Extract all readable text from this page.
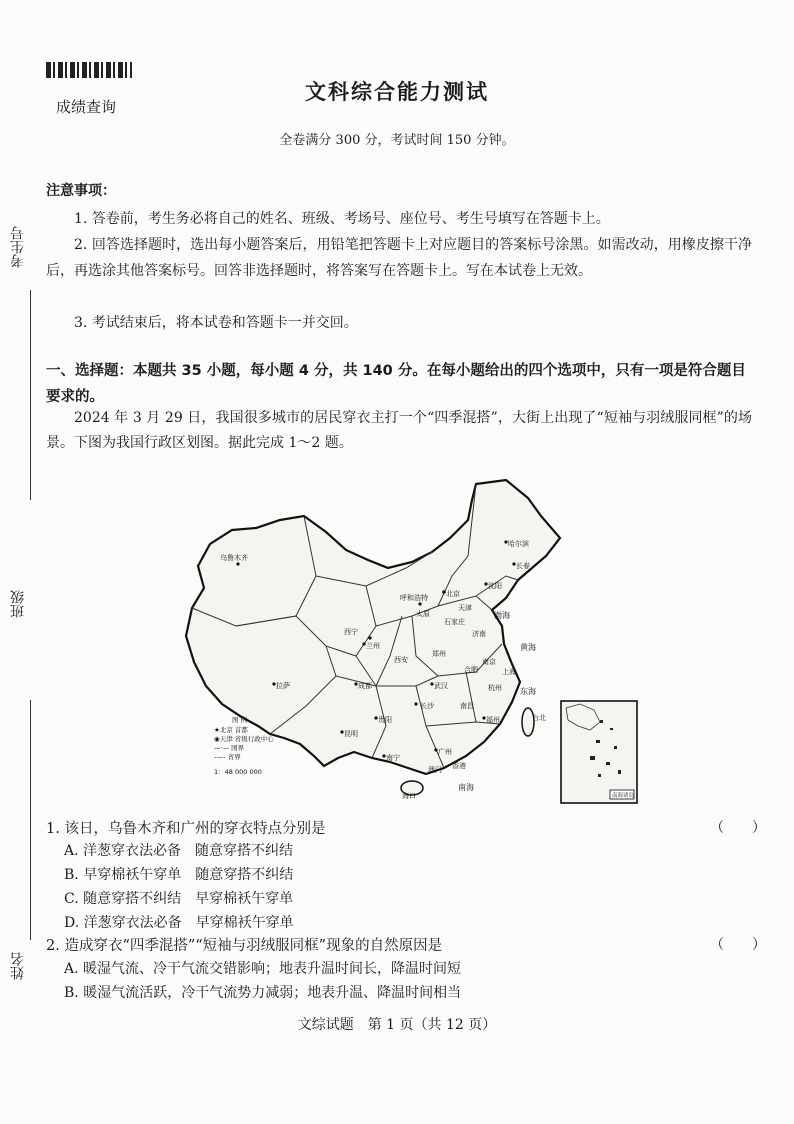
成绩查询
文科综合能力测试
全卷满分 300 分，考试时间 150 分钟。
考生号
班级
姓名
注意事项：
1. 答卷前，考生务必将自己的姓名、班级、考场号、座位号、考生号填写在答题卡上。
2. 回答选择题时，选出每小题答案后，用铅笔把答题卡上对应题目的答案标号涂黑。如需改动，用橡皮擦干净后，再选涂其他答案标号。回答非选择题时，将答案写在答题卡上。写在本试卷上无效。
3. 考试结束后，将本试卷和答题卡一并交回。
一、选择题：本题共 35 小题，每小题 4 分，共 140 分。在每小题给出的四个选项中，只有一项是符合题目要求的。
2024 年 3 月 29 日，我国很多城市的居民穿衣主打一个“四季混搭”，大街上出现了“短袖与羽绒服同框”的场景。下图为我国行政区划图。据此完成 1～2 题。
乌鲁木齐
哈尔滨
长春
沈阳
呼和浩特	北京
天津
西宁
兰州
太原
石家庄
济南
郑州
拉萨	成都
西安
合肥
武汉
南京
上海
杭州
长沙	南昌
福州
贵阳
昆明
南宁
广州
台北
澳门 香港
海口
渤海
黄海
东海
南海
图 例
★北京 首都
◉天津 省级行政中心
—·— 国界
----- 省界
1：48 000 000
南海诸岛
1. 该日，乌鲁木齐和广州的穿衣特点分别是	（　　）
A. 洋葱穿衣法必备　随意穿搭不纠结
B. 早穿棉袄午穿单　随意穿搭不纠结
C. 随意穿搭不纠结　早穿棉袄午穿单
D. 洋葱穿衣法必备　早穿棉袄午穿单
2. 造成穿衣“四季混搭”“短袖与羽绒服同框”现象的自然原因是	（　　）
A. 暖湿气流、冷干气流交错影响；地表升温时间长，降温时间短
B. 暖湿气流活跃，冷干气流势力减弱；地表升温、降温时间相当
文综试题　第 1 页（共 12 页）
